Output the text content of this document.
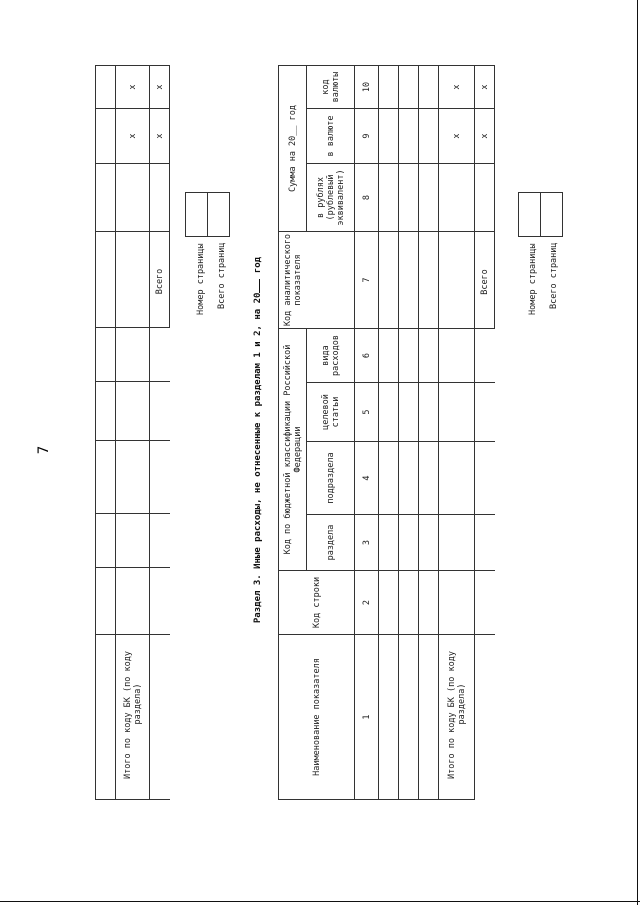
7

Итого по коду БК (по коду раздела)								x	x
						Всего		x	x

Номер страницы Всего страниц
Раздел 3. Иные расходы, не отнесенные к разделам 1 и 2, на 20 год
Наименование показателя	Код строки	Код по бюджетной классификации Российской Федерации				Код аналитического показателя	Сумма на 20__ год		
		раздела	подраздела	целевой статьи	вида расходов		в рублях (рублевый эквивалент)	в валюте	код валюты
1	2	3	4	5	6	7	8	9	10

Итого по коду БК (по коду раздела)								x	x
						Всего		x	x

Номер страницы Всего страниц
